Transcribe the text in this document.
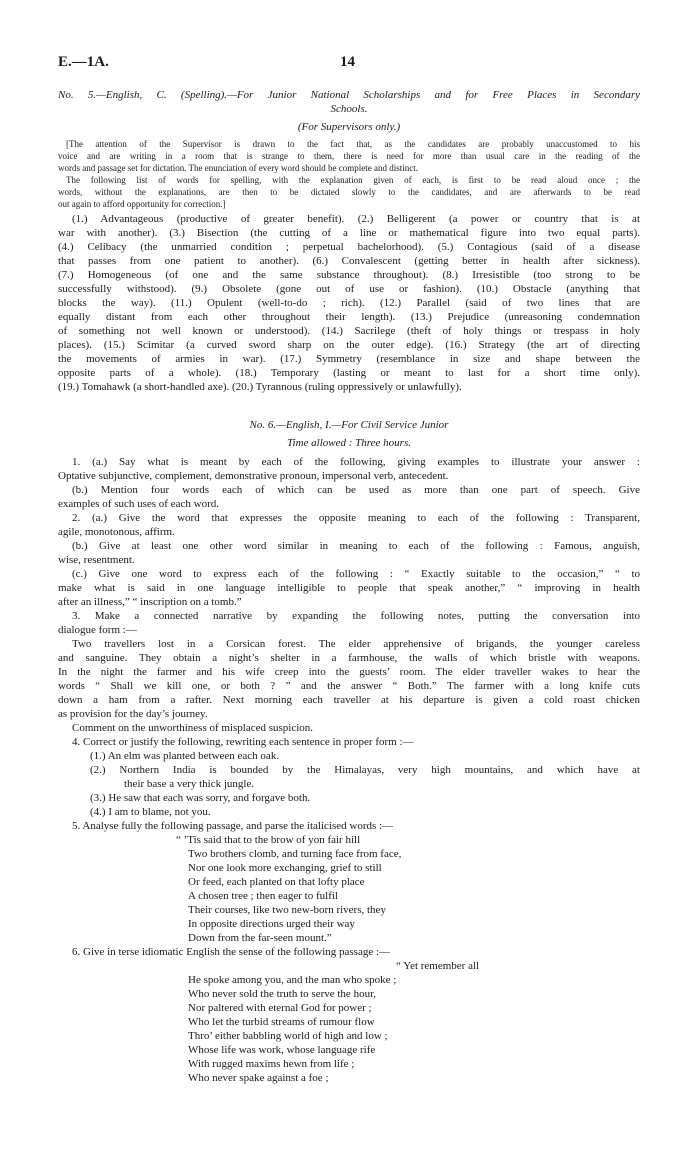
E.—1A.	14
No. 5.—English, C. (Spelling).—For Junior National Scholarships and for Free Places in Secondary
Schools.
(For Supervisors only.)
[The attention of the Supervisor is drawn to the fact that, as the candidates are probably unaccustomed to his
voice and are writing in a room that is strange to them, there is need for more than usual care in the reading of the
words and passage set for dictation. The enunciation of every word should be complete and distinct.
The following list of words for spelling, with the explanation given of each, is first to be read aloud once ; the
words, without the explanations, are then to be dictated slowly to the candidates, and are afterwards to be read
out again to afford opportunity for correction.]
(1.) Advantageous (productive of greater benefit). (2.) Belligerent (a power or country that is at
war with another). (3.) Bisection (the cutting of a line or mathematical figure into two equal parts).
(4.) Celibacy (the unmarried condition ; perpetual bachelorhood). (5.) Contagious (said of a disease
that passes from one patient to another). (6.) Convalescent (getting better in health after sickness).
(7.) Homogeneous (of one and the same substance throughout). (8.) Irresistible (too strong to be
successfully withstood). (9.) Obsolete (gone out of use or fashion). (10.) Obstacle (anything that
blocks the way). (11.) Opulent (well-to-do ; rich). (12.) Parallel (said of two lines that are
equally distant from each other throughout their length). (13.) Prejudice (unreasoning condemnation
of something not well known or understood). (14.) Sacrilege (theft of holy things or trespass in holy
places). (15.) Scimitar (a curved sword sharp on the outer edge). (16.) Strategy (the art of directing
the movements of armies in war). (17.) Symmetry (resemblance in size and shape between the
opposite parts of a whole). (18.) Temporary (lasting or meant to last for a short time only).
(19.) Tomahawk (a short-handled axe). (20.) Tyrannous (ruling oppressively or unlawfully).
No. 6.—English, I.—For Civil Service Junior
Time allowed : Three hours.
1. (a.) Say what is meant by each of the following, giving examples to illustrate your answer :
Optative subjunctive, complement, demonstrative pronoun, impersonal verb, antecedent.
(b.) Mention four words each of which can be used as more than one part of speech. Give
examples of such uses of each word.
2. (a.) Give the word that expresses the opposite meaning to each of the following : Transparent,
agile, monotonous, affirm.
(b.) Give at least one other word similar in meaning to each of the following : Famous, anguish,
wise, resentment.
(c.) Give one word to express each of the following : “ Exactly suitable to the occasion,” “ to
make what is said in one language intelligible to people that speak another,” “ improving in health
after an illness,” “ inscription on a tomb.”
3. Make a connected narrative by expanding the following notes, putting the conversation into
dialogue form :—
Two travellers lost in a Corsican forest. The elder apprehensive of brigands, the younger careless
and sanguine. They obtain a night’s shelter in a farmhouse, the walls of which bristle with weapons.
In the night the farmer and his wife creep into the guests’ room. The elder traveller wakes to hear the
words “ Shall we kill one, or both ? ” and the answer “ Both.” The farmer with a long knife cuts
down a ham from a rafter. Next morning each traveller at his departure is given a cold roast chicken
as provision for the day’s journey.
Comment on the unworthiness of misplaced suspicion.
4. Correct or justify the following, rewriting each sentence in proper form :—
(1.) An elm was planted between each oak.
(2.) Northern India is bounded by the Himalayas, very high mountains, and which have at
their base a very thick jungle.
(3.) He saw that each was sorry, and forgave both.
(4.) I am to blame, not you.
5. Analyse fully the following passage, and parse the italicised words :—
“ ’Tis said that to the brow of yon fair hill
Two brothers clomb, and turning face from face,
Nor one look more exchanging, grief to still
Or feed, each planted on that lofty place
A chosen tree ; then eager to fulfil
Their courses, like two new-born rivers, they
In opposite directions urged their way
Down from the far-seen mount.”
6. Give in terse idiomatic English the sense of the following passage :—
“ Yet remember all
He spoke among you, and the man who spoke ;
Who never sold the truth to serve the hour,
Nor paltered with eternal God for power ;
Who let the turbid streams of rumour flow
Thro’ either babbling world of high and low ;
Whose life was work, whose language rife
With rugged maxims hewn from life ;
Who never spake against a foe ;
